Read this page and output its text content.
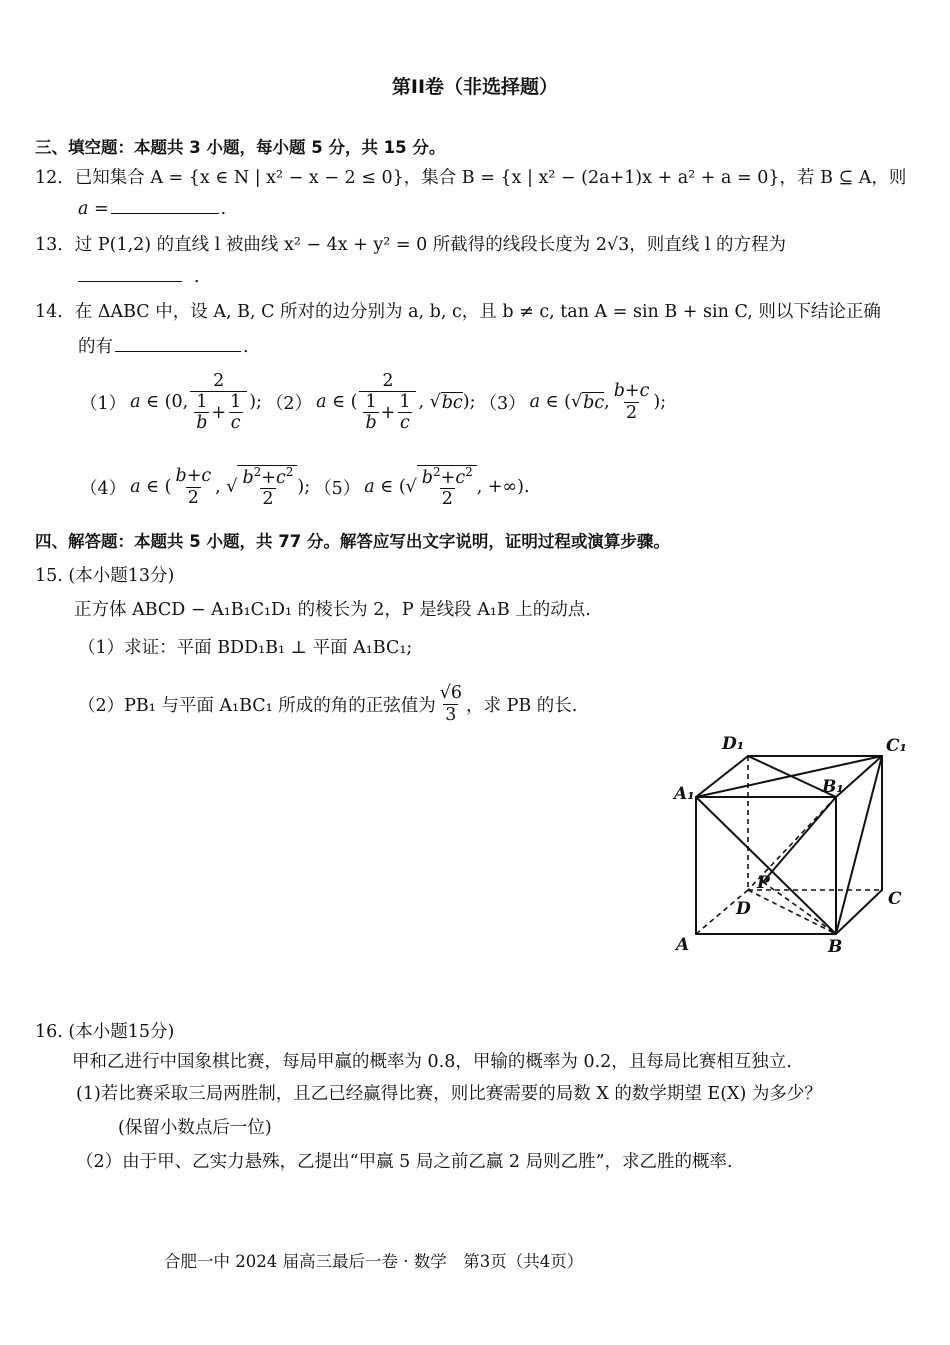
第II卷（非选择题）
三、填空题：本题共 3 小题，每小题 5 分，共 15 分。
12．已知集合 A = {x ∈ N | x² − x − 2 ≤ 0}，集合 B = {x | x² − (2a+1)x + a² + a = 0}，若 B ⊆ A，则
a =	.
13．过 P(1,2) 的直线 l 被曲线 x² − 4x + y² = 0 所截得的线段长度为 2√3，则直线 l 的方程为
.
14．在 ΔABC 中，设 A, B, C 所对的边分别为 a, b, c，且 b ≠ c, tan A = sin B + sin C, 则以下结论正确
的有	.
（1） a ∈ (0, $\frac{2}{\frac{1}{b} + \frac{1}{c}}$ ); （2） a ∈ ( $\frac{2}{\frac{1}{b} + \frac{1}{c}}$ , √ bc ); （3） a ∈ (√ bc , $\frac{b+c}{2}$ );
（4） a ∈ ( $\frac{b+c}{2}$ , √ $\frac{b^2+c^2}{2}$ ); （5） a ∈ (√ $\frac{b^2+c^2}{2}$ , +∞).
四、解答题：本题共 5 小题，共 77 分。解答应写出文字说明，证明过程或演算步骤。
15. (本小题13分)
正方体 ABCD − A₁B₁C₁D₁ 的棱长为 2，P 是线段 A₁B 上的动点.
（1）求证：平面 BDD₁B₁ ⊥ 平面 A₁BC₁;
（2）PB₁ 与平面 A₁BC₁ 所成的角的正弦值为 $\frac{√6}{3}$ ，求 PB 的长.
D₁	C₁
A₁	B₁
P
D	C
A	B
16. (本小题15分)
甲和乙进行中国象棋比赛，每局甲赢的概率为 0.8，甲输的概率为 0.2，且每局比赛相互独立.
(1)若比赛采取三局两胜制，且乙已经赢得比赛，则比赛需要的局数 X 的数学期望 E(X) 为多少？
(保留小数点后一位)
（2）由于甲、乙实力悬殊，乙提出“甲赢 5 局之前乙赢 2 局则乙胜”，求乙胜的概率.
合肥一中 2024 届高三最后一卷 · 数学　第3页（共4页）
